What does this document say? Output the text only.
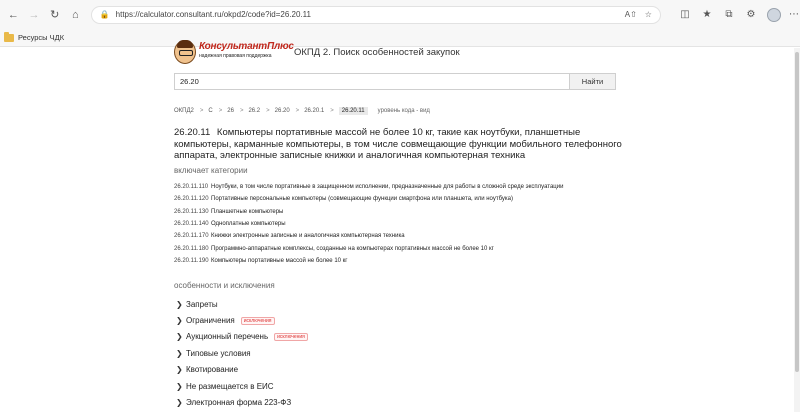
← → ↻	⌂	🔒 https://calculator.consultant.ru/okpd2/code?id=26.20.11	A⇧ ☆	◫	★	⧉	⚙	⋯
Ресурсы ЧДК
КонсультантПлюс
надежная правовая поддержка ОКПД 2. Поиск особенностей закупок
26.20
Найти
ОКПД2 > С > 26 > 26.2 > 26.20 > 26.20.1 >	26.20.11	уровень кода - вид
26.20.11 Компьютеры портативные массой не более 10 кг, такие как ноутбуки, планшетные компьютеры, карманные компьютеры, в том числе совмещающие функции мобильного телефонного аппарата, электронные записные книжки и аналогичная компьютерная техника
включает категории
26.20.11.110 Ноутбуки, в том числе портативные в защищенном исполнении, предназначенные для работы в сложной среде эксплуатации
26.20.11.120 Портативные персональные компьютеры (совмещающие функции смартфона или планшета, или ноутбука)
26.20.11.130 Планшетные компьютеры
26.20.11.140 Одноплатные компьютеры
26.20.11.170 Книжки электронные записные и аналогичная компьютерная техника
26.20.11.180 Программно-аппаратные комплексы, созданные на компьютерах портативных массой не более 10 кг
26.20.11.190 Компьютеры портативные массой не более 10 кг
особенности и исключения
❯ Запреты
❯ Ограничения	исключения
❯ Аукционный перечень	исключения
❯ Типовые условия
❯ Квотирование
❯ Не размещается в ЕИС
❯ Электронная форма 223-ФЗ
